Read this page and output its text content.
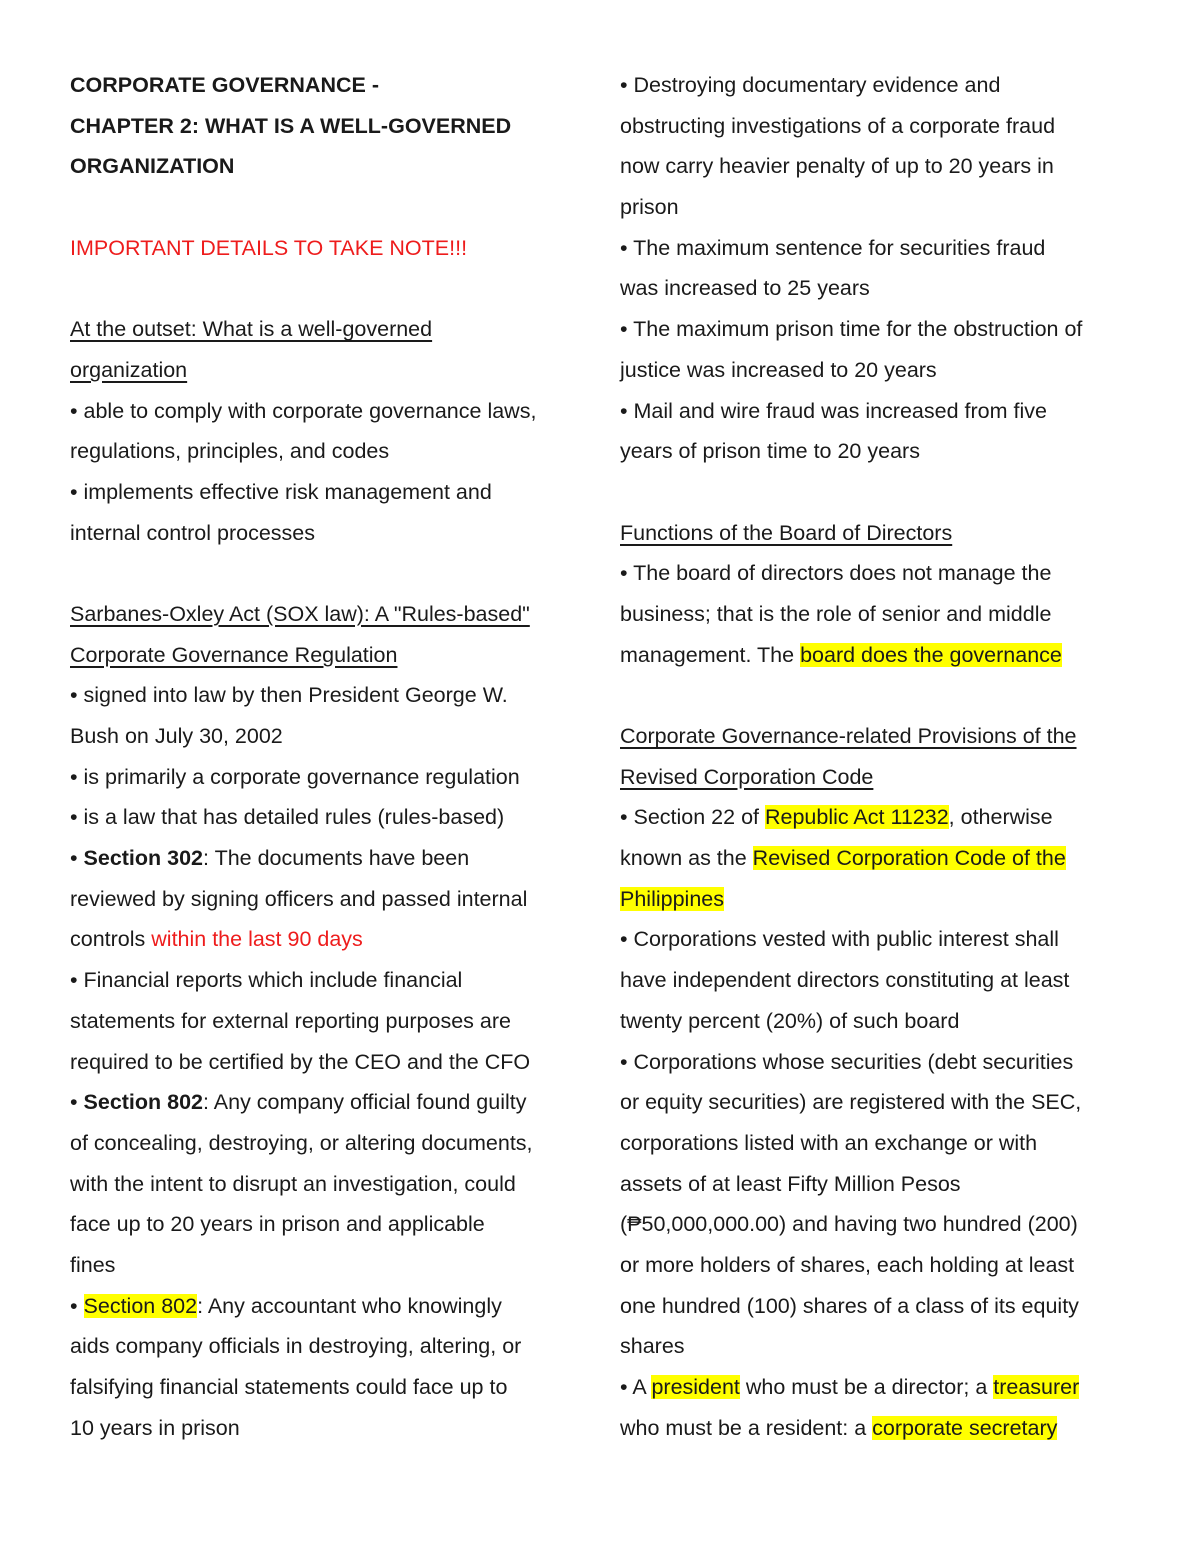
CORPORATE GOVERNANCE -
CHAPTER 2: WHAT IS A WELL-GOVERNED
ORGANIZATION
IMPORTANT DETAILS TO TAKE NOTE!!!
At the outset: What is a well-governed
organization
• able to comply with corporate governance laws,
regulations, principles, and codes
• implements effective risk management and
internal control processes
Sarbanes-Oxley Act (SOX law): A "Rules-based"
Corporate Governance Regulation
• signed into law by then President George W.
Bush on July 30, 2002
• is primarily a corporate governance regulation
• is a law that has detailed rules (rules-based)
• Section 302: The documents have been
reviewed by signing officers and passed internal
controls within the last 90 days
• Financial reports which include financial
statements for external reporting purposes are
required to be certified by the CEO and the CFO
• Section 802: Any company official found guilty
of concealing, destroying, or altering documents,
with the intent to disrupt an investigation, could
face up to 20 years in prison and applicable
fines
• Section 802: Any accountant who knowingly
aids company officials in destroying, altering, or
falsifying financial statements could face up to
10 years in prison
• Destroying documentary evidence and
obstructing investigations of a corporate fraud
now carry heavier penalty of up to 20 years in
prison
• The maximum sentence for securities fraud
was increased to 25 years
• The maximum prison time for the obstruction of
justice was increased to 20 years
• Mail and wire fraud was increased from five
years of prison time to 20 years
Functions of the Board of Directors
• The board of directors does not manage the
business; that is the role of senior and middle
management. The board does the governance
Corporate Governance-related Provisions of the
Revised Corporation Code
• Section 22 of Republic Act 11232, otherwise
known as the Revised Corporation Code of the
Philippines
• Corporations vested with public interest shall
have independent directors constituting at least
twenty percent (20%) of such board
• Corporations whose securities (debt securities
or equity securities) are registered with the SEC,
corporations listed with an exchange or with
assets of at least Fifty Million Pesos
(₱50,000,000.00) and having two hundred (200)
or more holders of shares, each holding at least
one hundred (100) shares of a class of its equity
shares
• A president who must be a director; a treasurer
who must be a resident: a corporate secretary
